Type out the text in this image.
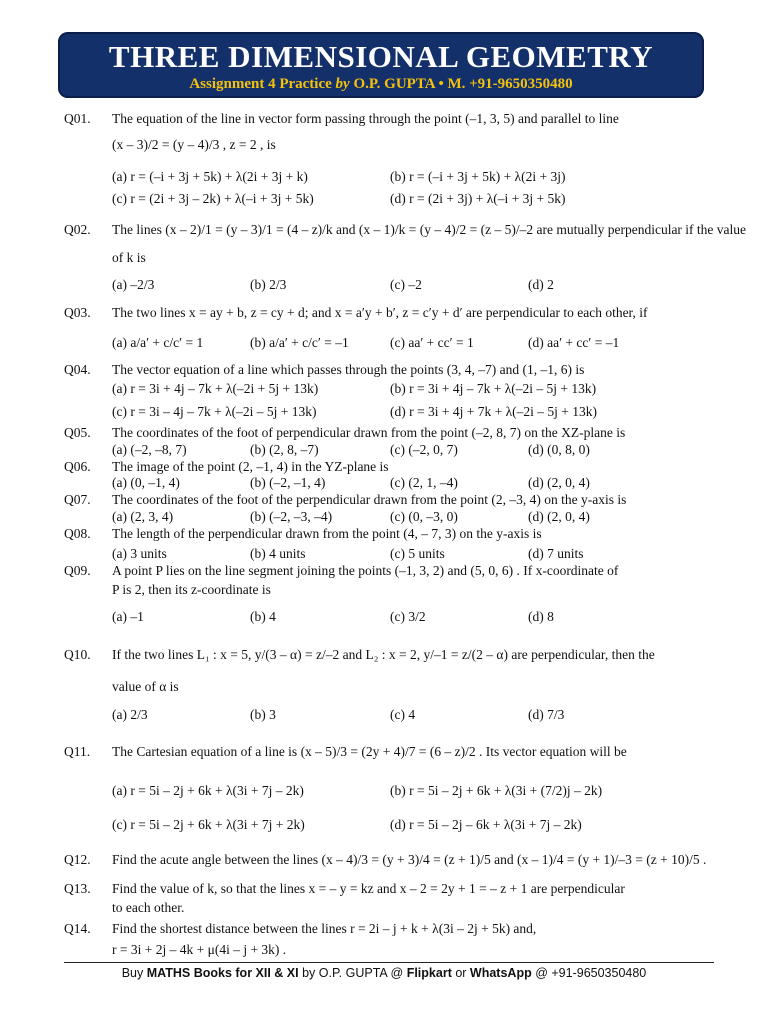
THREE DIMENSIONAL GEOMETRY
Assignment 4 Practice by O.P. GUPTA • M. +91-9650350480
Q01.	The equation of the line in vector form passing through the point (–1, 3, 5) and parallel to line
(x – 3)/2 = (y – 4)/3 , z = 2 , is
(a) r = (–i + 3j + 5k) + λ(2i + 3j + k)	(b) r = (–i + 3j + 5k) + λ(2i + 3j)
(c) r = (2i + 3j – 2k) + λ(–i + 3j + 5k)	(d) r = (2i + 3j) + λ(–i + 3j + 5k)
Q02.	The lines (x – 2)/1 = (y – 3)/1 = (4 – z)/k and (x – 1)/k = (y – 4)/2 = (z – 5)/–2 are mutually perpendicular if the value
of k is
(a) –2/3	(b) 2/3	(c) –2	(d) 2
Q03.	The two lines x = ay + b, z = cy + d; and x = a′y + b′, z = c′y + d′ are perpendicular to each other, if
(a) a/a′ + c/c′ = 1	(b) a/a′ + c/c′ = –1	(c) aa′ + cc′ = 1	(d) aa′ + cc′ = –1
Q04.	The vector equation of a line which passes through the points (3, 4, –7) and (1, –1, 6) is
(a) r = 3i + 4j – 7k + λ(–2i + 5j + 13k)	(b) r = 3i + 4j – 7k + λ(–2i – 5j + 13k)
(c) r = 3i – 4j – 7k + λ(–2i – 5j + 13k)	(d) r = 3i + 4j + 7k + λ(–2i – 5j + 13k)
Q05.	The coordinates of the foot of perpendicular drawn from the point (–2, 8, 7) on the XZ-plane is
(a) (–2, –8, 7)	(b) (2, 8, –7)	(c) (–2, 0, 7)	(d) (0, 8, 0)
Q06.	The image of the point (2, –1, 4) in the YZ-plane is
(a) (0, –1, 4)	(b) (–2, –1, 4)	(c) (2, 1, –4)	(d) (2, 0, 4)
Q07.	The coordinates of the foot of the perpendicular drawn from the point (2, –3, 4) on the y-axis is
(a) (2, 3, 4)	(b) (–2, –3, –4)	(c) (0, –3, 0)	(d) (2, 0, 4)
Q08.	The length of the perpendicular drawn from the point (4, – 7, 3) on the y-axis is
(a) 3 units	(b) 4 units	(c) 5 units	(d) 7 units
Q09.	A point P lies on the line segment joining the points (–1, 3, 2) and (5, 0, 6) . If x-coordinate of
P is 2, then its z-coordinate is
(a) –1	(b) 4	(c) 3/2	(d) 8
Q10.	If the two lines L₁ : x = 5, y/(3 – α) = z/–2 and L₂ : x = 2, y/–1 = z/(2 – α) are perpendicular, then the
value of α is
(a) 2/3	(b) 3	(c) 4	(d) 7/3
Q11.	The Cartesian equation of a line is (x – 5)/3 = (2y + 4)/7 = (6 – z)/2 . Its vector equation will be
(a) r = 5i – 2j + 6k + λ(3i + 7j – 2k)	(b) r = 5i – 2j + 6k + λ(3i + (7/2)j – 2k)
(c) r = 5i – 2j + 6k + λ(3i + 7j + 2k)	(d) r = 5i – 2j – 6k + λ(3i + 7j – 2k)
Q12.	Find the acute angle between the lines (x – 4)/3 = (y + 3)/4 = (z + 1)/5 and (x – 1)/4 = (y + 1)/–3 = (z + 10)/5 .
Q13.	Find the value of k, so that the lines x = – y = kz and x – 2 = 2y + 1 = – z + 1 are perpendicular
to each other.
Q14.	Find the shortest distance between the lines r = 2i – j + k + λ(3i – 2j + 5k) and,
r = 3i + 2j – 4k + μ(4i – j + 3k) .
Buy MATHS Books for XII & XI by O.P. GUPTA @ Flipkart or WhatsApp @ +91-9650350480
